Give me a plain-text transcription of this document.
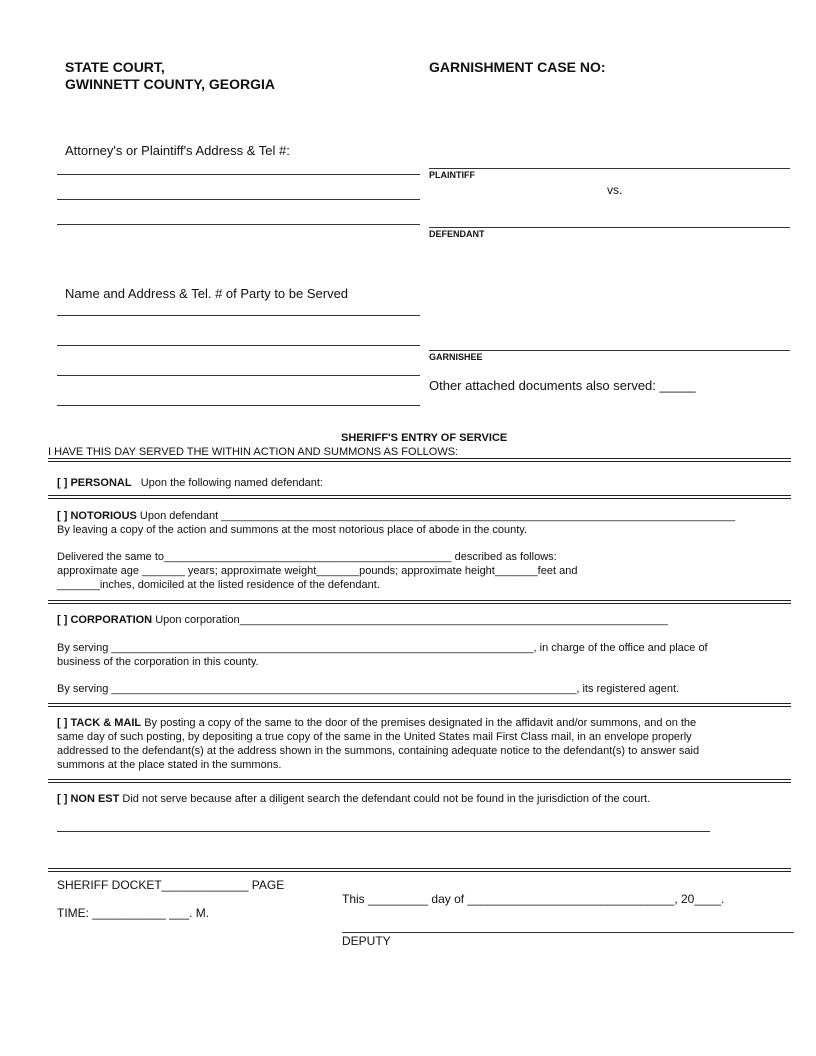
STATE COURT,
GWINNETT COUNTY, GEORGIA
GARNISHMENT CASE NO:
Attorney's or Plaintiff's Address & Tel #:
PLAINTIFF
vs.
DEFENDANT
Name and Address & Tel. # of Party to be Served
GARNISHEE
Other attached documents also served: _____
SHERIFF'S ENTRY OF SERVICE
I HAVE THIS DAY SERVED THE WITHIN ACTION AND SUMMONS AS FOLLOWS:
[ ] PERSONAL Upon the following named defendant:
[ ] NOTORIOUS Upon defendant ____________________________________________________________________________________
By leaving a copy of the action and summons at the most notorious place of abode in the county.
Delivered the same to_______________________________________________ described as follows:
approximate age _______ years; approximate weight_______pounds; approximate height_______feet and
_______inches, domiciled at the listed residence of the defendant.
[ ] CORPORATION Upon corporation______________________________________________________________________
By serving _____________________________________________________________________, in charge of the office and place of
business of the corporation in this county.
By serving ____________________________________________________________________________, its registered agent.
[ ] TACK & MAIL By posting a copy of the same to the door of the premises designated in the affidavit and/or summons, and on the
same day of such posting, by depositing a true copy of the same in the United States mail First Class mail, in an envelope properly
addressed to the defendant(s) at the address shown in the summons, containing adequate notice to the defendant(s) to answer said
summons at the place stated in the summons.
[ ] NON EST Did not serve because after a diligent search the defendant could not be found in the jurisdiction of the court.
SHERIFF DOCKET_____________ PAGE
TIME: ___________ ___. M.
This _________ day of _______________________________, 20____.
DEPUTY
